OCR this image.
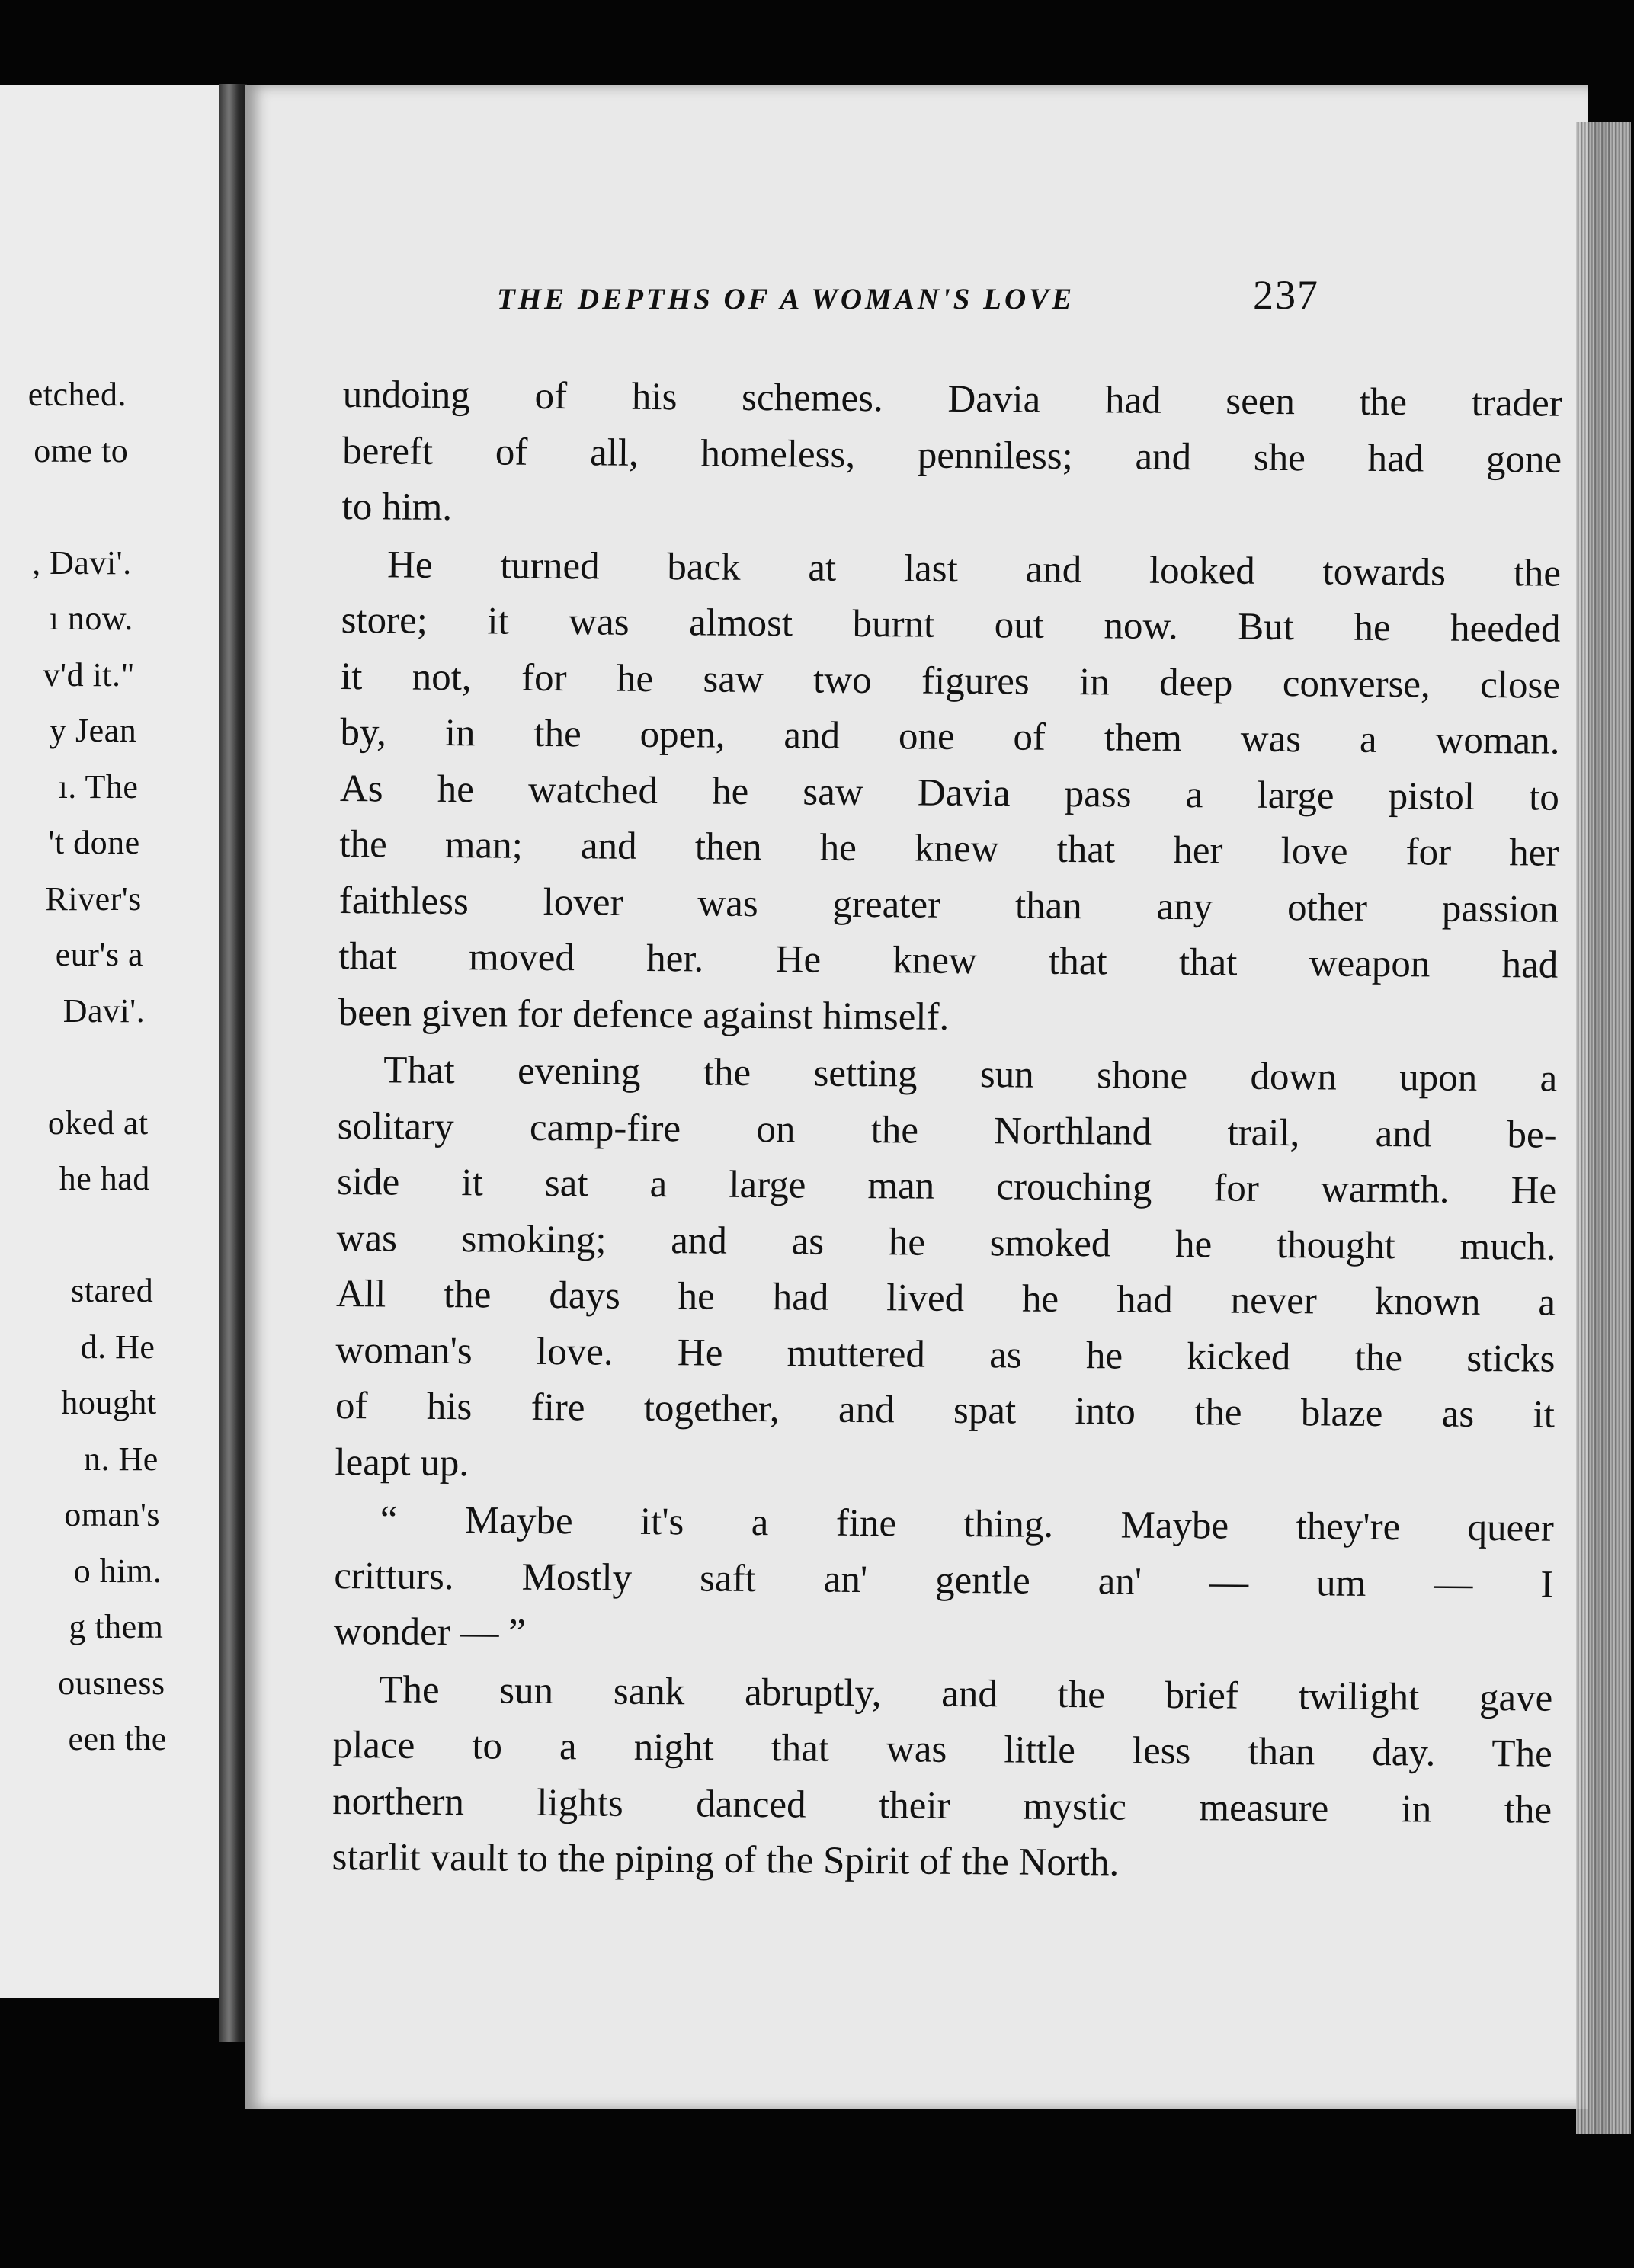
etched.
ome to
, Davi'.
ı now.
v'd it."
y Jean
ı. The
't done
River's
eur's a
Davi'.
oked at
he had
stared
d. He
hought
n. He
oman's
o him.
g them
ousness
een the
THE DEPTHS OF A WOMAN'S LOVE	237
undoing of his schemes. Davia had seen the trader
bereft of all, homeless, penniless; and she had gone
to him.
He turned back at last and looked towards the
store; it was almost burnt out now. But he heeded
it not, for he saw two figures in deep converse, close
by, in the open, and one of them was a woman.
As he watched he saw Davia pass a large pistol to
the man; and then he knew that her love for her
faithless lover was greater than any other passion
that moved her. He knew that that weapon had
been given for defence against himself.
That evening the setting sun shone down upon a
solitary camp-fire on the Northland trail, and be-
side it sat a large man crouching for warmth. He
was smoking; and as he smoked he thought much.
All the days he had lived he had never known a
woman's love. He muttered as he kicked the sticks
of his fire together, and spat into the blaze as it
leapt up.
“ Maybe it's a fine thing. Maybe they're queer
critturs. Mostly saft an' gentle an' — um — I
wonder — ”
The sun sank abruptly, and the brief twilight gave
place to a night that was little less than day. The
northern lights danced their mystic measure in the
starlit vault to the piping of the Spirit of the North.
